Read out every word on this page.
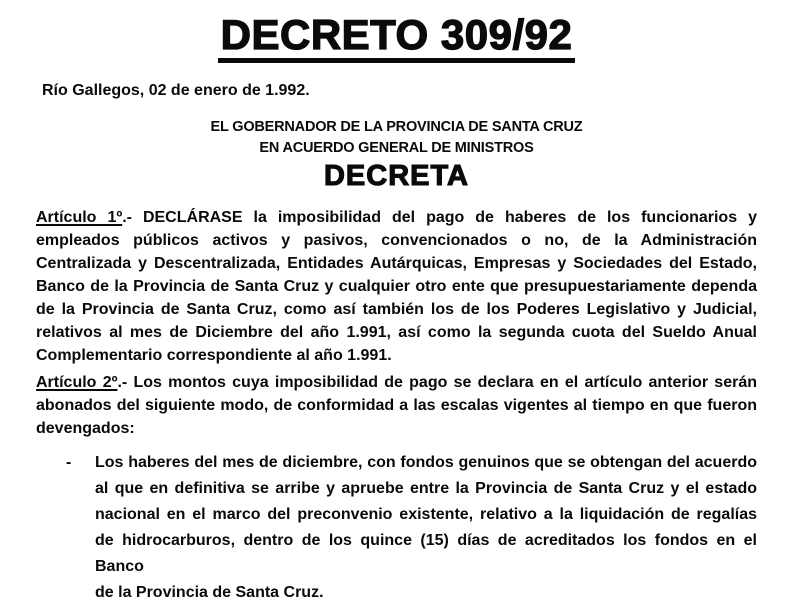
DECRETO 309/92
Río Gallegos, 02 de enero de 1.992.
EL GOBERNADOR DE LA PROVINCIA DE SANTA CRUZ
EN ACUERDO GENERAL DE MINISTROS
DECRETA
Artículo 1º.- DECLÁRASE la imposibilidad del pago de haberes de los funcionarios y
empleados públicos activos y pasivos, convencionados o no, de la Administración
Centralizada y Descentralizada, Entidades Autárquicas, Empresas y Sociedades del Estado,
Banco de la Provincia de Santa Cruz y cualquier otro ente que presupuestariamente dependa
de la Provincia de Santa Cruz, como así también los de los Poderes Legislativo y Judicial,
relativos al mes de Diciembre del año 1.991, así como la segunda cuota del Sueldo Anual
Complementario correspondiente al año 1.991.
Artículo 2º.- Los montos cuya imposibilidad de pago se declara en el artículo anterior serán
abonados del siguiente modo, de conformidad a las escalas vigentes al tiempo en que fueron
devengados:
-	Los haberes del mes de diciembre, con fondos genuinos que se obtengan del acuerdo
al que en definitiva se arribe y apruebe entre la Provincia de Santa Cruz y el estado
nacional en el marco del preconvenio existente, relativo a la liquidación de regalías
de hidrocarburos, dentro de los quince (15) días de acreditados los fondos en el Banco
de la Provincia de Santa Cruz.
